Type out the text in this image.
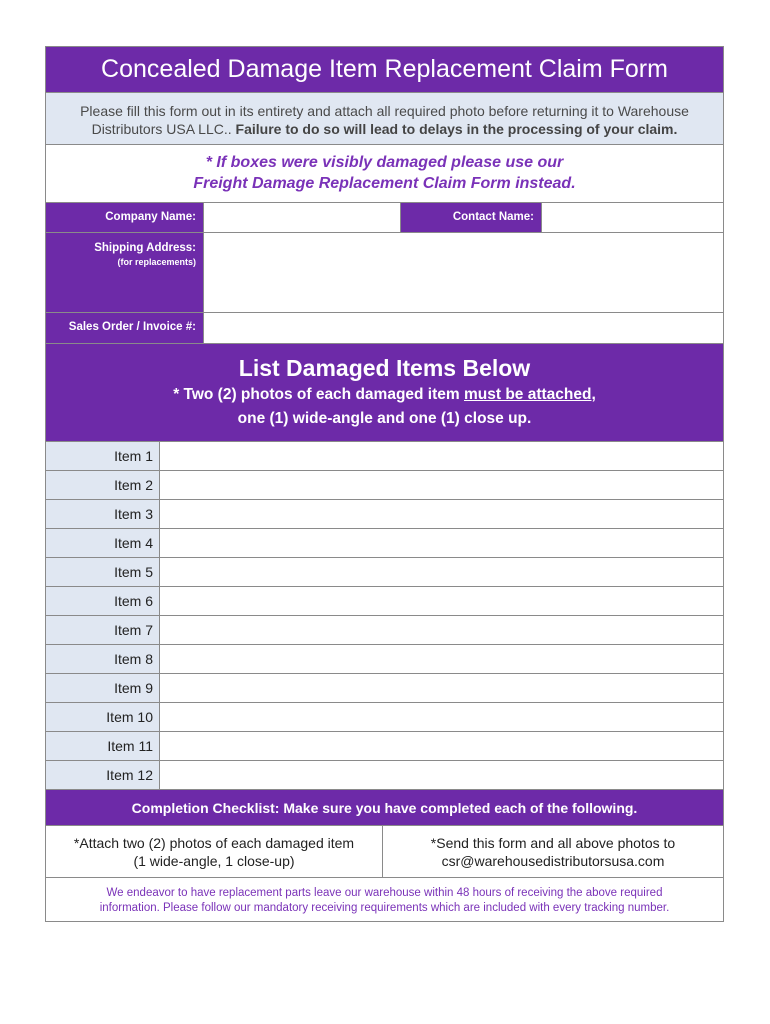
Concealed Damage Item Replacement Claim Form
Please fill this form out in its entirety and attach all required photo before returning it to Warehouse Distributors USA LLC.. Failure to do so will lead to delays in the processing of your claim.
* If boxes were visibly damaged please use our
Freight Damage Replacement Claim Form instead.
Company Name:	Contact Name:
Shipping Address:
(for replacements)
Sales Order / Invoice #:
List Damaged Items Below
* Two (2) photos of each damaged item must be attached,
one (1) wide-angle and one (1) close up.
Item 1
Item 2
Item 3
Item 4
Item 5
Item 6
Item 7
Item 8
Item 9
Item 10
Item 11
Item 12
Completion Checklist: Make sure you have completed each of the following.
*Attach two (2) photos of each damaged item
(1 wide-angle, 1 close-up)
*Send this form and all above photos to
csr@warehousedistributorsusa.com
We endeavor to have replacement parts leave our warehouse within 48 hours of receiving the above required
information. Please follow our mandatory receiving requirements which are included with every tracking number.
